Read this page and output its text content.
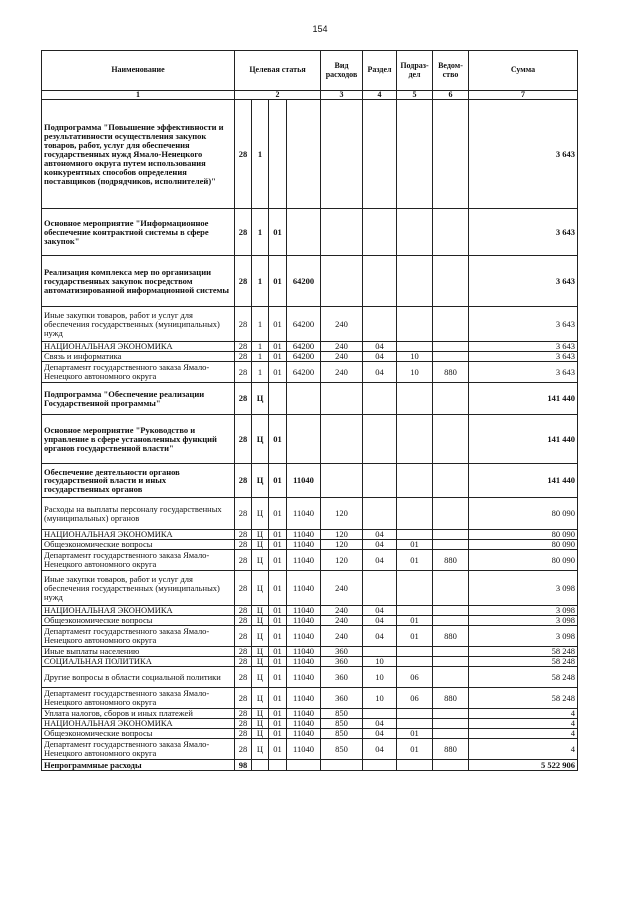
154
Наименование	Целевая статья				Вид расходов	Раздел	Подраз-дел	Ведом-ство	Сумма
1	2				3	4	5	6	7
Подпрограмма "Повышение эффективности и результативности осуществления закупок товаров, работ, услуг для обеспечения государственных нужд Ямало-Ненецкого автономного округа путем использования конкурентных способов определения поставщиков (подрядчиков, исполнителей)"	28	1							3 643
Основное мероприятие "Информационное обеспечение контрактной системы в сфере закупок"	28	1	01						3 643
Реализация комплекса мер по организации государственных закупок посредством автоматизированной информационной системы	28	1	01	64200					3 643
Иные закупки товаров, работ и услуг для обеспечения государственных (муниципальных) нужд	28	1	01	64200	240				3 643
НАЦИОНАЛЬНАЯ ЭКОНОМИКА	28	1	01	64200	240	04			3 643
Связь и информатика	28	1	01	64200	240	04	10		3 643
Департамент государственного заказа Ямало-Ненецкого автономного округа	28	1	01	64200	240	04	10	880	3 643
Подпрограмма "Обеспечение реализации Государственной программы"	28	Ц							141 440
Основное мероприятие "Руководство и управление в сфере установленных функций органов государственной власти"	28	Ц	01						141 440
Обеспечение деятельности органов государственной власти и иных государственных органов	28	Ц	01	11040					141 440
Расходы на выплаты персоналу государственных (муниципальных) органов	28	Ц	01	11040	120				80 090
НАЦИОНАЛЬНАЯ ЭКОНОМИКА	28	Ц	01	11040	120	04			80 090
Общеэкономические вопросы	28	Ц	01	11040	120	04	01		80 090
Департамент государственного заказа Ямало-Ненецкого автономного округа	28	Ц	01	11040	120	04	01	880	80 090
Иные закупки товаров, работ и услуг для обеспечения государственных (муниципальных) нужд	28	Ц	01	11040	240				3 098
НАЦИОНАЛЬНАЯ ЭКОНОМИКА	28	Ц	01	11040	240	04			3 098
Общеэкономические вопросы	28	Ц	01	11040	240	04	01		3 098
Департамент государственного заказа Ямало-Ненецкого автономного округа	28	Ц	01	11040	240	04	01	880	3 098
Иные выплаты населению	28	Ц	01	11040	360				58 248
СОЦИАЛЬНАЯ ПОЛИТИКА	28	Ц	01	11040	360	10			58 248
Другие вопросы в области социальной политики	28	Ц	01	11040	360	10	06		58 248
Департамент государственного заказа Ямало-Ненецкого автономного округа	28	Ц	01	11040	360	10	06	880	58 248
Уплата налогов, сборов и иных платежей	28	Ц	01	11040	850				4
НАЦИОНАЛЬНАЯ ЭКОНОМИКА	28	Ц	01	11040	850	04			4
Общеэкономические вопросы	28	Ц	01	11040	850	04	01		4
Департамент государственного заказа Ямало-Ненецкого автономного округа	28	Ц	01	11040	850	04	01	880	4
Непрограммные расходы	98								5 522 906
